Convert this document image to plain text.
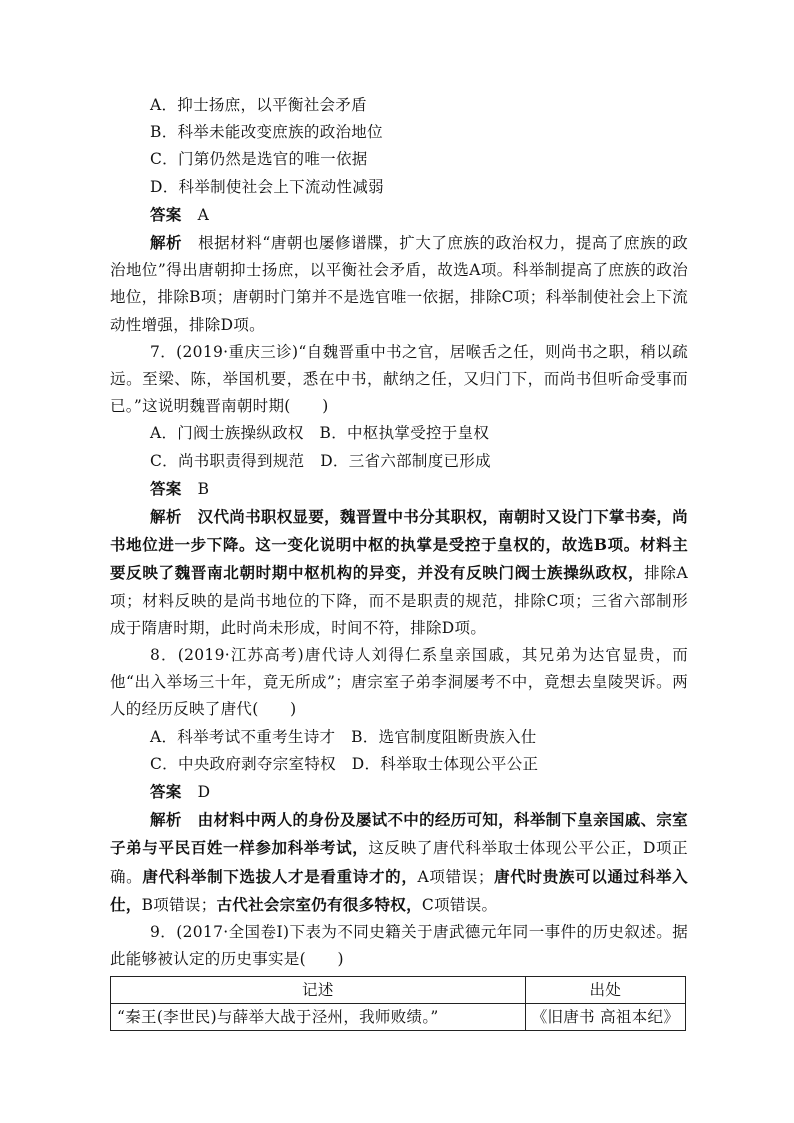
A．抑士扬庶，以平衡社会矛盾

B．科举未能改变庶族的政治地位

C．门第仍然是选官的唯一依据

D．科举制使社会上下流动性减弱

答案 A

解析 根据材料“唐朝也屡修谱牒，扩大了庶族的政治权力，提高了庶族的政治地位”得出唐朝抑士扬庶，以平衡社会矛盾，故选A项。科举制提高了庶族的政治地位，排除B项；唐朝时门第并不是选官唯一依据，排除C项；科举制使社会上下流动性增强，排除D项。

7．(2019·重庆三诊)“自魏晋重中书之官，居喉舌之任，则尚书之职，稍以疏远。至梁、陈，举国机要，悉在中书，献纳之任，又归门下，而尚书但听命受事而已。”这说明魏晋南朝时期(　　)

A．门阀士族操纵政权　 B．中枢执掌受控于皇权

C．尚书职责得到规范　 D．三省六部制度已形成

答案 B

解析 汉代尚书职权显要，魏晋置中书分其职权，南朝时又设门下掌书奏，尚书地位进一步下降。这一变化说明中枢的执掌是受控于皇权的，故选B项。材料主要反映了魏晋南北朝时期中枢机构的异变，并没有反映门阀士族操纵政权，排除A项；材料反映的是尚书地位的下降，而不是职责的规范，排除C项；三省六部制形成于隋唐时期，此时尚未形成，时间不符，排除D项。

8．(2019·江苏高考)唐代诗人刘得仁系皇亲国戚，其兄弟为达官显贵，而他“出入举场三十年，竟无所成”；唐宗室子弟李洞屡考不中，竟想去皇陵哭诉。两人的经历反映了唐代(　　)

A．科举考试不重考生诗才　 B．选官制度阻断贵族入仕

C．中央政府剥夺宗室特权　 D．科举取士体现公平公正

答案 D

解析 由材料中两人的身份及屡试不中的经历可知，科举制下皇亲国戚、宗室子弟与平民百姓一样参加科举考试，这反映了唐代科举取士体现公平公正，D项正确。唐代科举制下选拔人才是看重诗才的，A项错误；唐代时贵族可以通过科举入仕，B项错误；古代社会宗室仍有很多特权，C项错误。

9．(2017·全国卷Ⅰ)下表为不同史籍关于唐武德元年同一事件的历史叙述。据此能够被认定的历史事实是(　　)

记述	出处
“秦王(李世民)与薛举大战于泾州，我师败绩。”	《旧唐书 高祖本纪》
